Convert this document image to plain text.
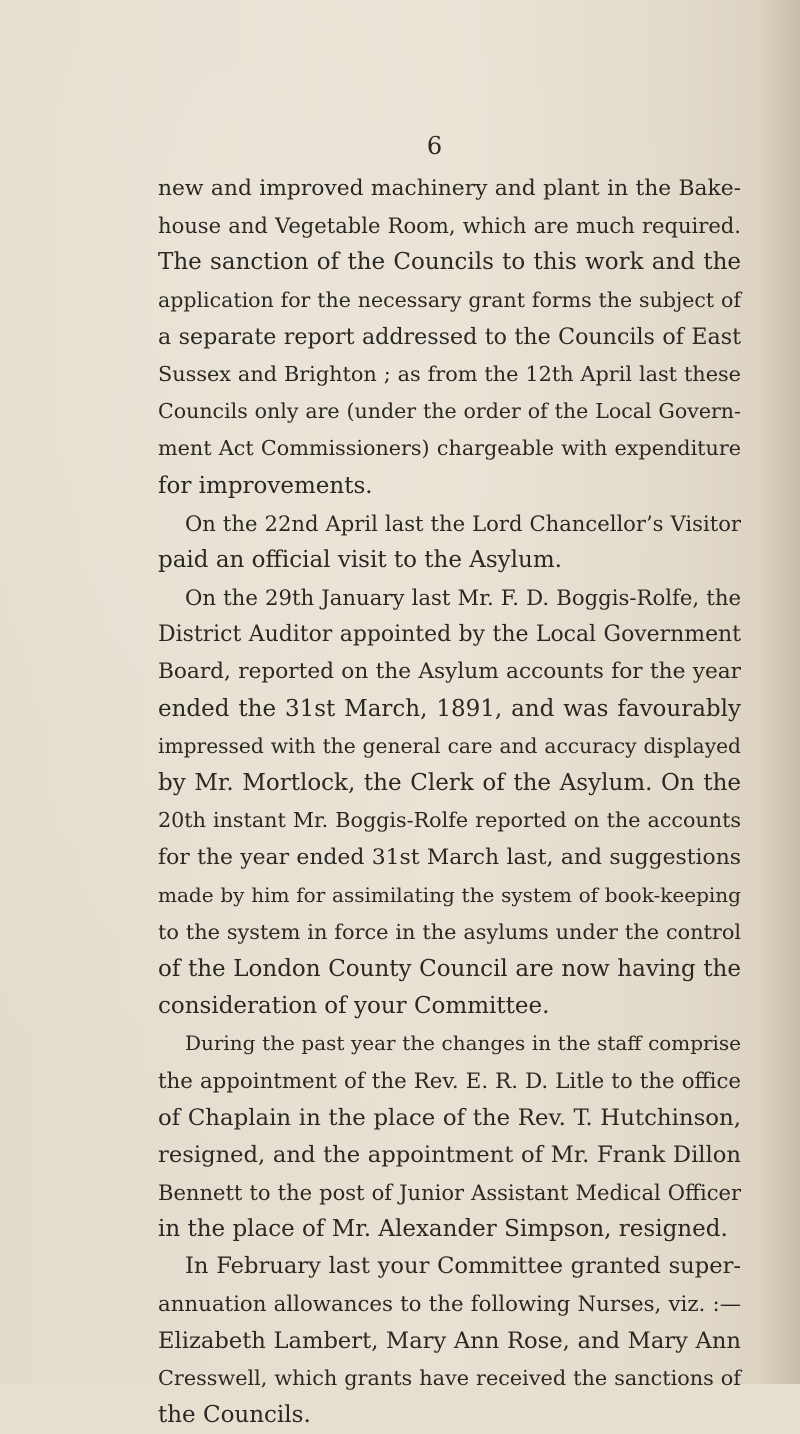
6
new and improved machinery and plant in the Bake-
house and Vegetable Room, which are much required.
The sanction of the Councils to this work and the
application for the necessary grant forms the subject of
a separate report addressed to the Councils of East
Sussex and Brighton ; as from the 12th April last these
Councils only are (under the order of the Local Govern-
ment Act Commissioners) chargeable with expenditure
for improvements.
On the 22nd April last the Lord Chancellor’s Visitor
paid an official visit to the Asylum.
On the 29th January last Mr. F. D. Boggis-Rolfe, the
District Auditor appointed by the Local Government
Board, reported on the Asylum accounts for the year
ended the 31st March, 1891, and was favourably
impressed with the general care and accuracy displayed
by Mr. Mortlock, the Clerk of the Asylum. On the
20th instant Mr. Boggis-Rolfe reported on the accounts
for the year ended 31st March last, and suggestions
made by him for assimilating the system of book-keeping
to the system in force in the asylums under the control
of the London County Council are now having the
consideration of your Committee.
During the past year the changes in the staff comprise
the appointment of the Rev. E. R. D. Litle to the office
of Chaplain in the place of the Rev. T. Hutchinson,
resigned, and the appointment of Mr. Frank Dillon
Bennett to the post of Junior Assistant Medical Officer
in the place of Mr. Alexander Simpson, resigned.
In February last your Committee granted super-
annuation allowances to the following Nurses, viz. :—
Elizabeth Lambert, Mary Ann Rose, and Mary Ann
Cresswell, which grants have received the sanctions of
the Councils.
